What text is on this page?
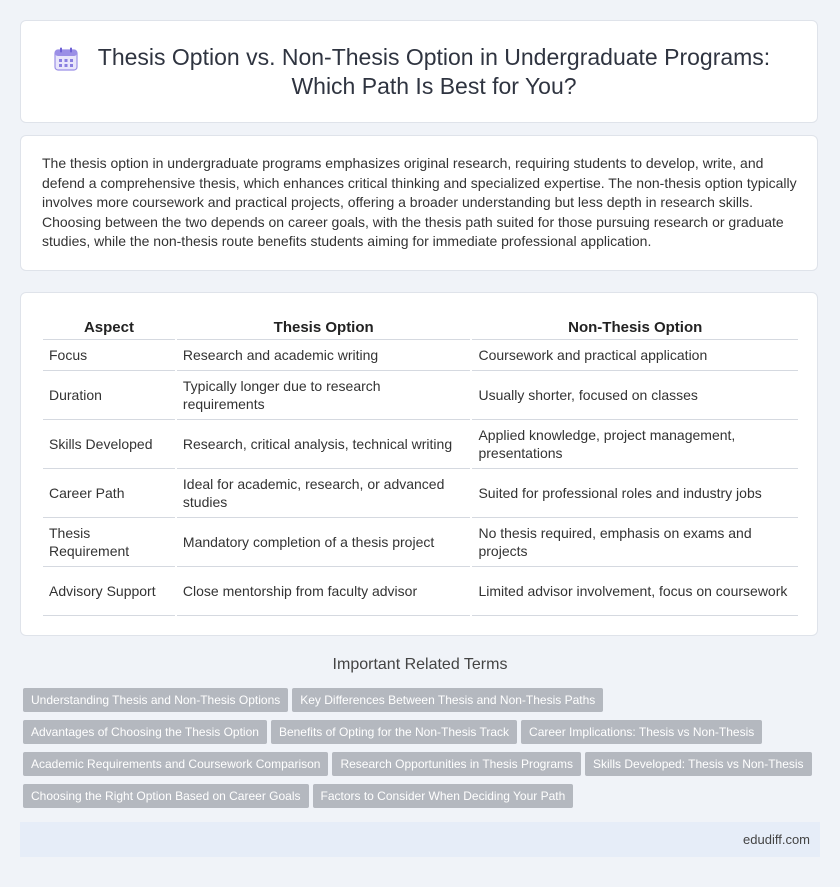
Thesis Option vs. Non-Thesis Option in Undergraduate Programs: Which Path Is Best for You?

The thesis option in undergraduate programs emphasizes original research, requiring students to develop, write, and defend a comprehensive thesis, which enhances critical thinking and specialized expertise. The non-thesis option typically involves more coursework and practical projects, offering a broader understanding but less depth in research skills. Choosing between the two depends on career goals, with the thesis path suited for those pursuing research or graduate studies, while the non-thesis route benefits students aiming for immediate professional application.

Aspect	Thesis Option	Non-Thesis Option
Focus	Research and academic writing	Coursework and practical application
Duration	Typically longer due to research requirements	Usually shorter, focused on classes
Skills Developed	Research, critical analysis, technical writing	Applied knowledge, project management, presentations
Career Path	Ideal for academic, research, or advanced studies	Suited for professional roles and industry jobs
Thesis Requirement	Mandatory completion of a thesis project	No thesis required, emphasis on exams and projects
Advisory Support	Close mentorship from faculty advisor	Limited advisor involvement, focus on coursework
Important Related Terms
Understanding Thesis and Non-Thesis Options Key Differences Between Thesis and Non-Thesis Paths
Advantages of Choosing the Thesis Option Benefits of Opting for the Non-Thesis Track Career Implications: Thesis vs Non-Thesis
Academic Requirements and Coursework Comparison Research Opportunities in Thesis Programs Skills Developed: Thesis vs Non-Thesis
Choosing the Right Option Based on Career Goals Factors to Consider When Deciding Your Path
edudiff.com
